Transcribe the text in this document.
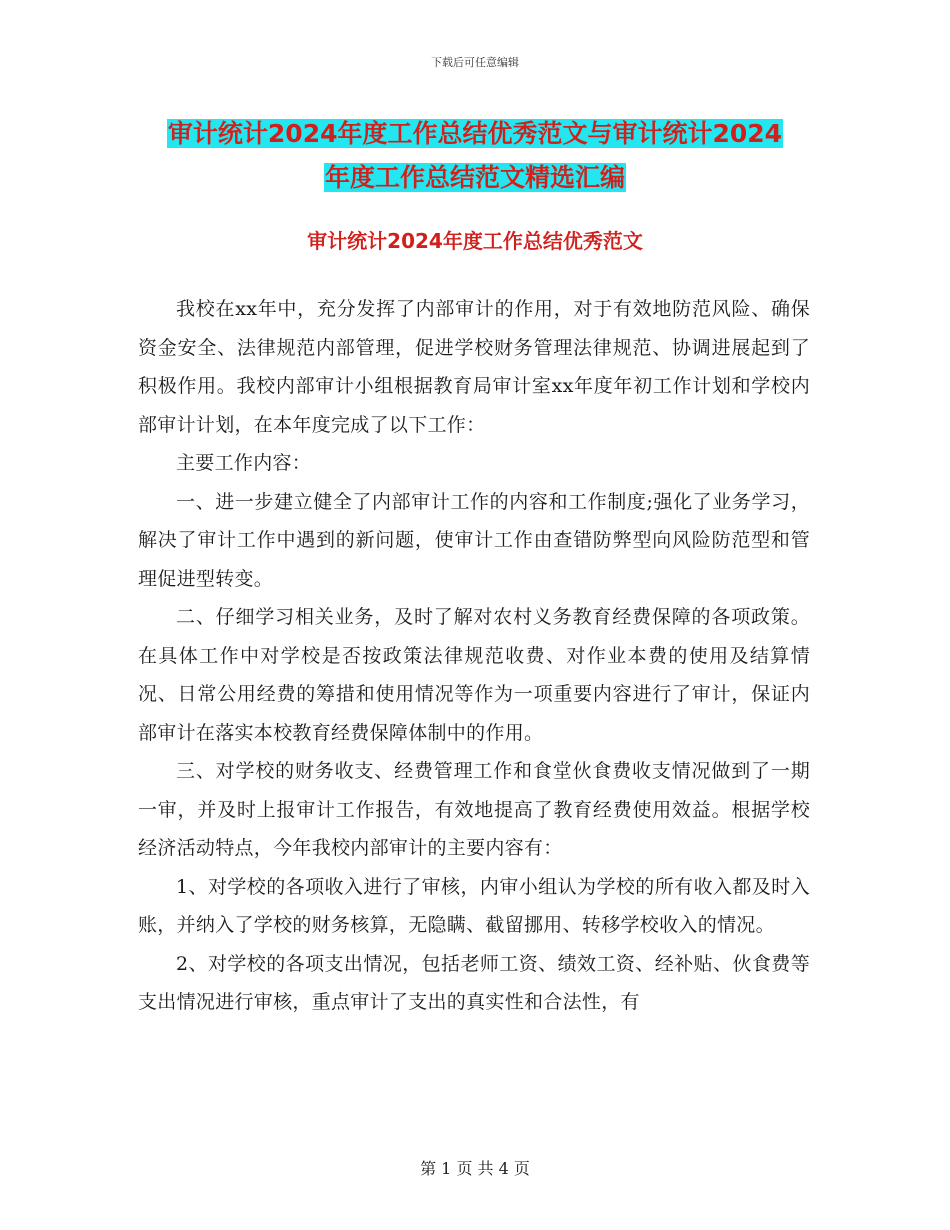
下载后可任意编辑
审计统计2024年度工作总结优秀范文与审计统计2024
年度工作总结范文精选汇编
审计统计2024年度工作总结优秀范文

我校在xx年中，充分发挥了内部审计的作用，对于有效地防范风险、确保资金安全、法律规范内部管理，促进学校财务管理法律规范、协调进展起到了积极作用。我校内部审计小组根据教育局审计室xx年度年初工作计划和学校内部审计计划，在本年度完成了以下工作：

主要工作内容：

一、进一步建立健全了内部审计工作的内容和工作制度;强化了业务学习，解决了审计工作中遇到的新问题，使审计工作由查错防弊型向风险防范型和管理促进型转变。

二、仔细学习相关业务，及时了解对农村义务教育经费保障的各项政策。在具体工作中对学校是否按政策法律规范收费、对作业本费的使用及结算情况、日常公用经费的筹措和使用情况等作为一项重要内容进行了审计，保证内部审计在落实本校教育经费保障体制中的作用。

三、对学校的财务收支、经费管理工作和食堂伙食费收支情况做到了一期一审，并及时上报审计工作报告，有效地提高了教育经费使用效益。根据学校经济活动特点，今年我校内部审计的主要内容有：

1、对学校的各项收入进行了审核，内审小组认为学校的所有收入都及时入账，并纳入了学校的财务核算，无隐瞒、截留挪用、转移学校收入的情况。

2、对学校的各项支出情况，包括老师工资、绩效工资、经补贴、伙食费等支出情况进行审核，重点审计了支出的真实性和合法性，有

第 1 页 共 4 页
